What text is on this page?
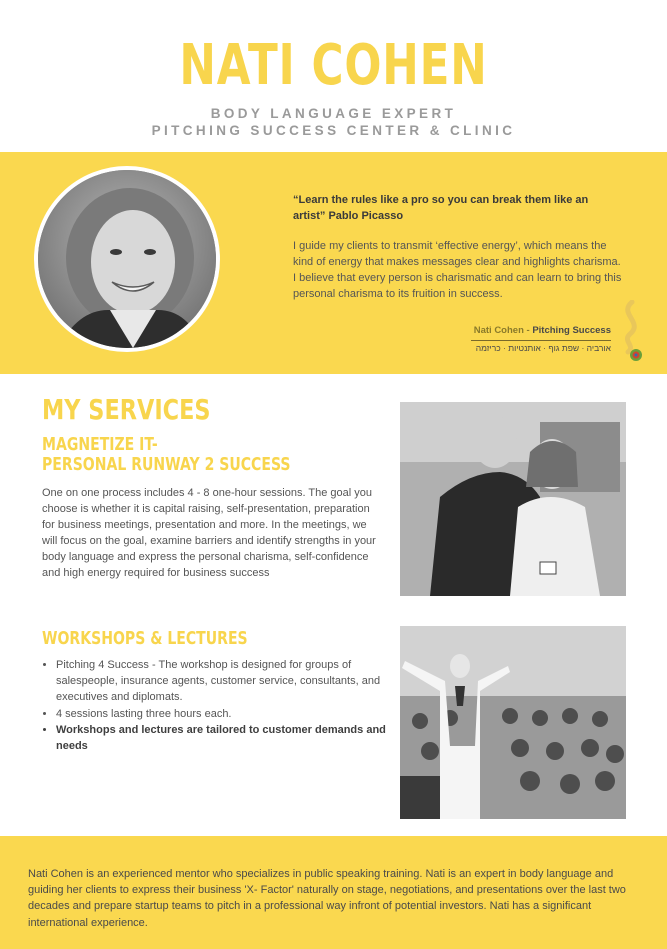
NATI COHEN
BODY LANGUAGE EXPERT
PITCHING SUCCESS CENTER & CLINIC

“Learn the rules like a pro so you can break them like an artist” Pablo Picasso

I guide my clients to transmit ‘effective energy’, which means the kind of energy that makes messages clear and highlights charisma. I believe that every person is charismatic and can learn to bring this personal charisma to its fruition in success.

Nati Cohen - Pitching Success
אורביה · שפת גוף · אותנטיות · כריזמה
MY SERVICES
MAGNETIZE IT-
PERSONAL RUNWAY 2 SUCCESS
One on one process includes 4 - 8 one-hour sessions. The goal you choose is whether it is capital raising, self-presentation, preparation for business meetings, presentation and more. In the meetings, we will focus on the goal, examine barriers and identify strengths in your body language and express the personal charisma, self-confidence and high energy required for business success
WORKSHOPS & LECTURES
• Pitching 4 Success - The workshop is designed for groups of salespeople, insurance agents, customer service, consultants, and executives and diplomats.
• 4 sessions lasting three hours each.
• Workshops and lectures are tailored to customer demands and needs
Nati Cohen is an experienced mentor who specializes in public speaking training. Nati is an expert in body language and guiding her clients to express their business 'X- Factor' naturally on stage, negotiations, and presentations over the last two decades and prepare startup teams to pitch in a professional way infront of potential investors. Nati has a significant international experience.
